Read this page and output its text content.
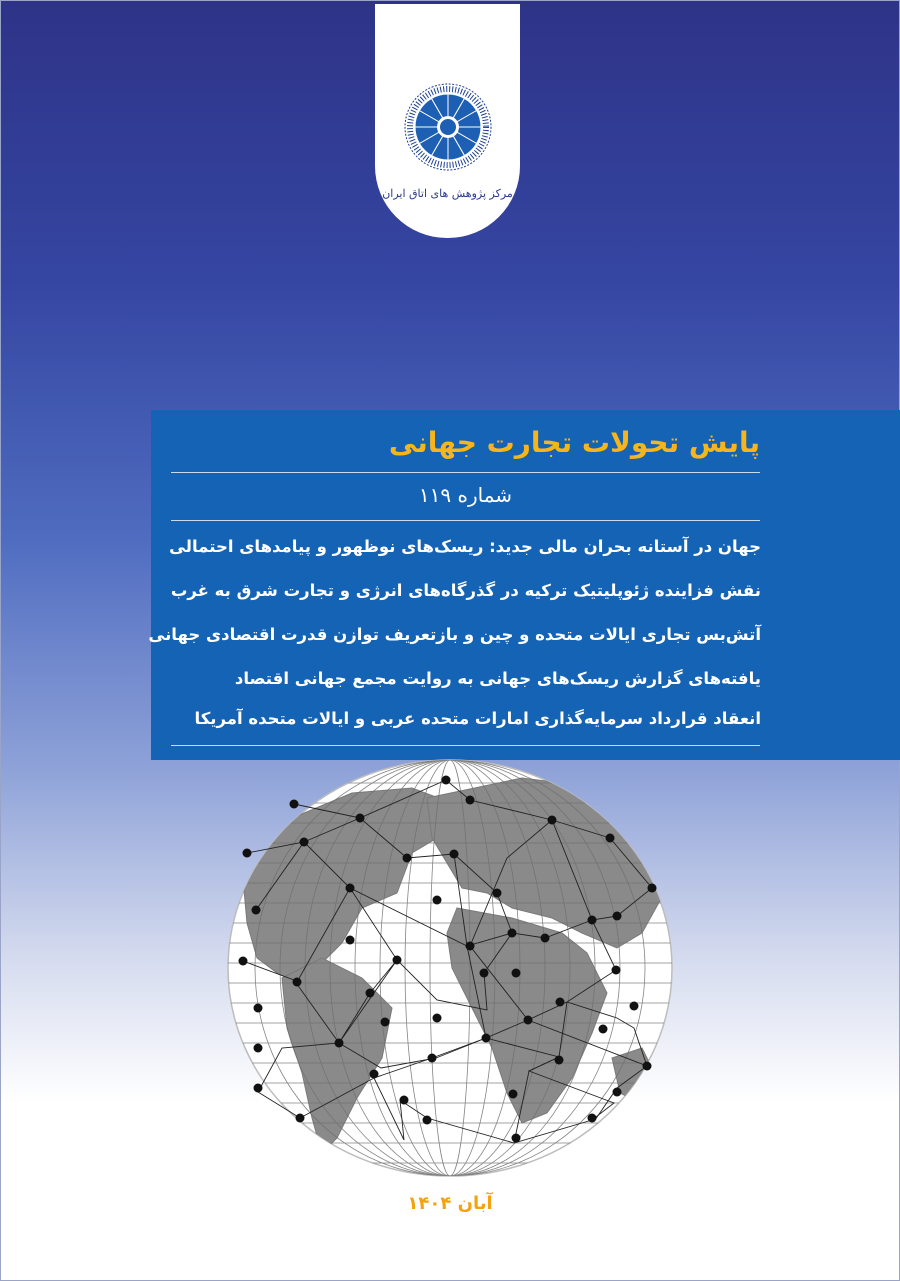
مرکز پژوهش های اتاق ایران
پایش تحولات تجارت جهانی
شماره ۱۱۹
جهان در آستانه بحران مالی جدید: ریسک‌های نوظهور و پیامدهای احتمالی
نقش فزاینده ژئوپلیتیک ترکیه در گذرگاه‌های انرژی و تجارت شرق به غرب
آتش‌بس تجاری ایالات متحده و چین و بازتعریف توازن قدرت اقتصادی جهانی
یافته‌های گزارش ریسک‌های جهانی به روایت مجمع جهانی اقتصاد
انعقاد قرارداد سرمایه‌گذاری امارات متحده عربی و ایالات متحده آمریکا
آبان ۱۴۰۴
